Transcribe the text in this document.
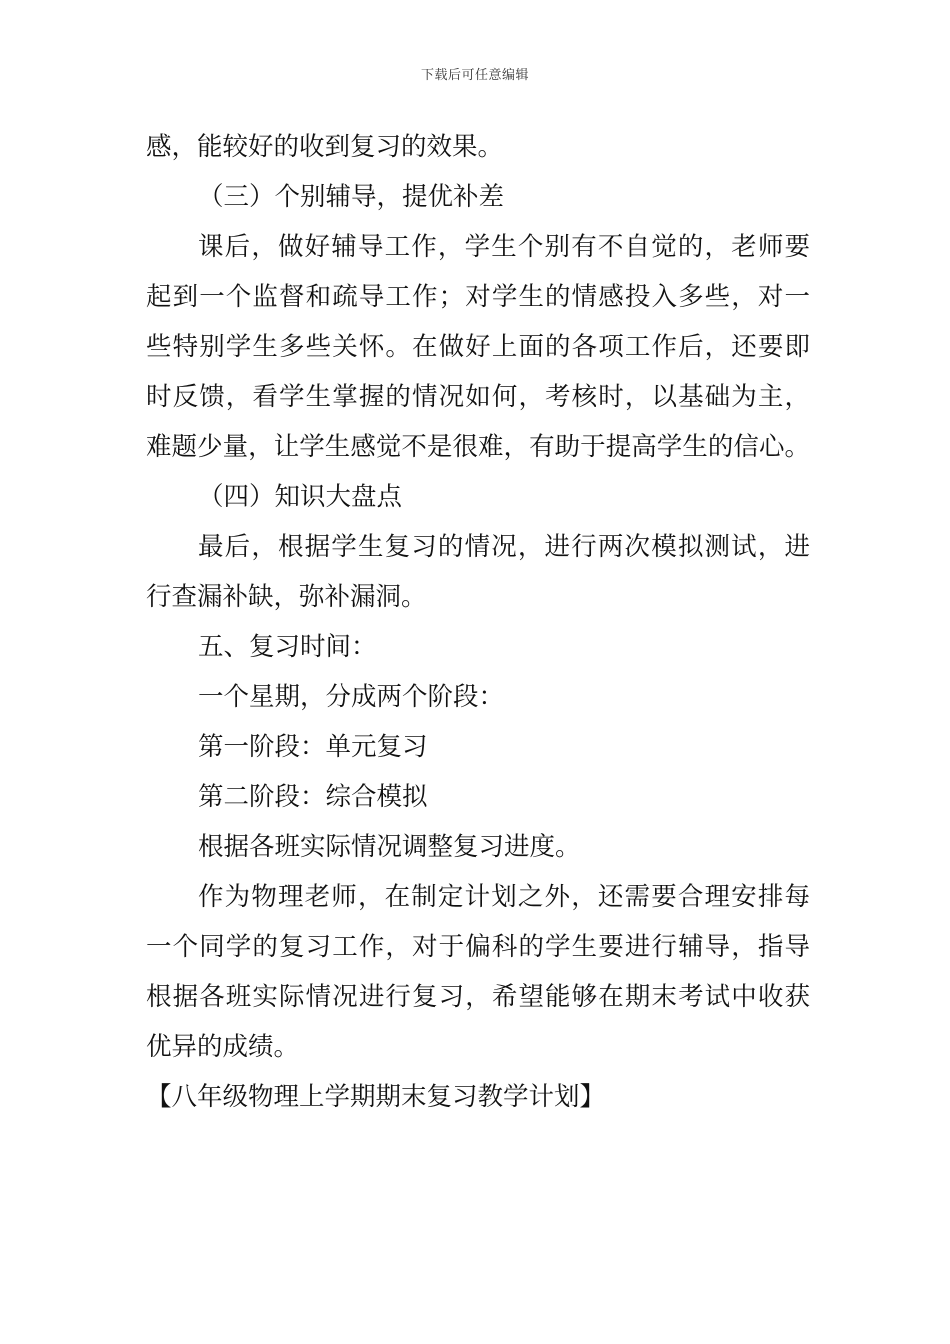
下载后可任意编辑
感，能较好的收到复习的效果。
（三）个别辅导，提优补差
课后，做好辅导工作，学生个别有不自觉的，老师要
起到一个监督和疏导工作；对学生的情感投入多些，对一
些特别学生多些关怀。在做好上面的各项工作后，还要即
时反馈，看学生掌握的情况如何，考核时，以基础为主，
难题少量，让学生感觉不是很难，有助于提高学生的信心。
（四）知识大盘点
最后，根据学生复习的情况，进行两次模拟测试，进
行查漏补缺，弥补漏洞。
五、复习时间：
一个星期，分成两个阶段：
第一阶段：单元复习
第二阶段：综合模拟
根据各班实际情况调整复习进度。
作为物理老师，在制定计划之外，还需要合理安排每
一个同学的复习工作，对于偏科的学生要进行辅导，指导
根据各班实际情况进行复习，希望能够在期末考试中收获
优异的成绩。
【八年级物理上学期期末复习教学计划】
